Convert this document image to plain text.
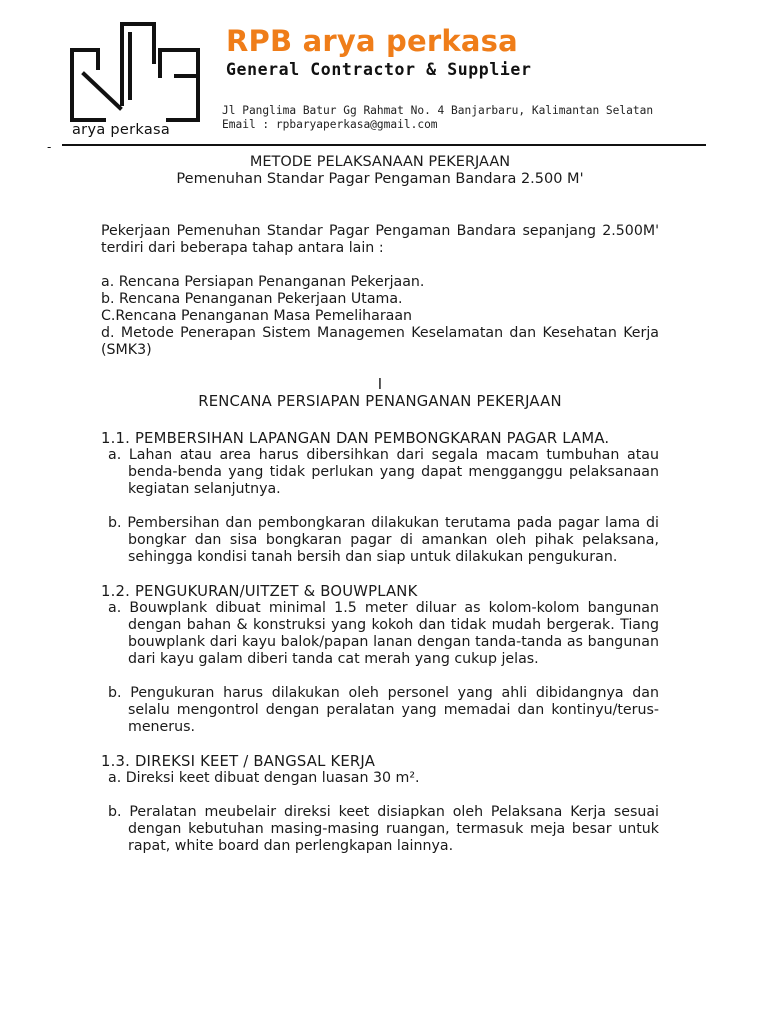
arya perkasa
RPB arya perkasa
General Contractor & Supplier
Jl Panglima Batur Gg Rahmat No. 4 Banjarbaru, Kalimantan Selatan
Email : rpbaryaperkasa@gmail.com
-

METODE PELAKSANAAN PEKERJAAN

Pemenuhan Standar Pagar Pengaman Bandara 2.500 M'

Pekerjaan Pemenuhan Standar Pagar Pengaman Bandara sepanjang 2.500M' terdiri dari beberapa tahap antara lain :

a. Rencana Persiapan Penanganan Pekerjaan.

b. Rencana Penanganan Pekerjaan Utama.

C.Rencana Penanganan Masa Pemeliharaan

d. Metode Penerapan Sistem Managemen Keselamatan dan Kesehatan Kerja (SMK3)

I

RENCANA PERSIAPAN PENANGANAN PEKERJAAN

1.1. PEMBERSIHAN LAPANGAN DAN PEMBONGKARAN PAGAR LAMA.

a. Lahan atau area harus dibersihkan dari segala macam tumbuhan atau benda-benda yang tidak perlukan yang dapat mengganggu pelaksanaan kegiatan selanjutnya.

b. Pembersihan dan pembongkaran dilakukan terutama pada pagar lama di bongkar dan sisa bongkaran pagar di amankan oleh pihak pelaksana, sehingga kondisi tanah bersih dan siap untuk dilakukan pengukuran.

1.2. PENGUKURAN/UITZET & BOUWPLANK

a. Bouwplank dibuat minimal 1.5 meter diluar as kolom-kolom bangunan dengan bahan & konstruksi yang kokoh dan tidak mudah bergerak. Tiang bouwplank dari kayu balok/papan lanan dengan tanda-tanda as bangunan dari kayu galam diberi tanda cat merah yang cukup jelas.

b. Pengukuran harus dilakukan oleh personel yang ahli dibidangnya dan selalu mengontrol dengan peralatan yang memadai dan kontinyu/terus-menerus.

1.3. DIREKSI KEET / BANGSAL KERJA

a. Direksi keet dibuat dengan luasan 30 m².

b. Peralatan meubelair direksi keet disiapkan oleh Pelaksana Kerja sesuai dengan kebutuhan masing-masing ruangan, termasuk meja besar untuk rapat, white board dan perlengkapan lainnya.
